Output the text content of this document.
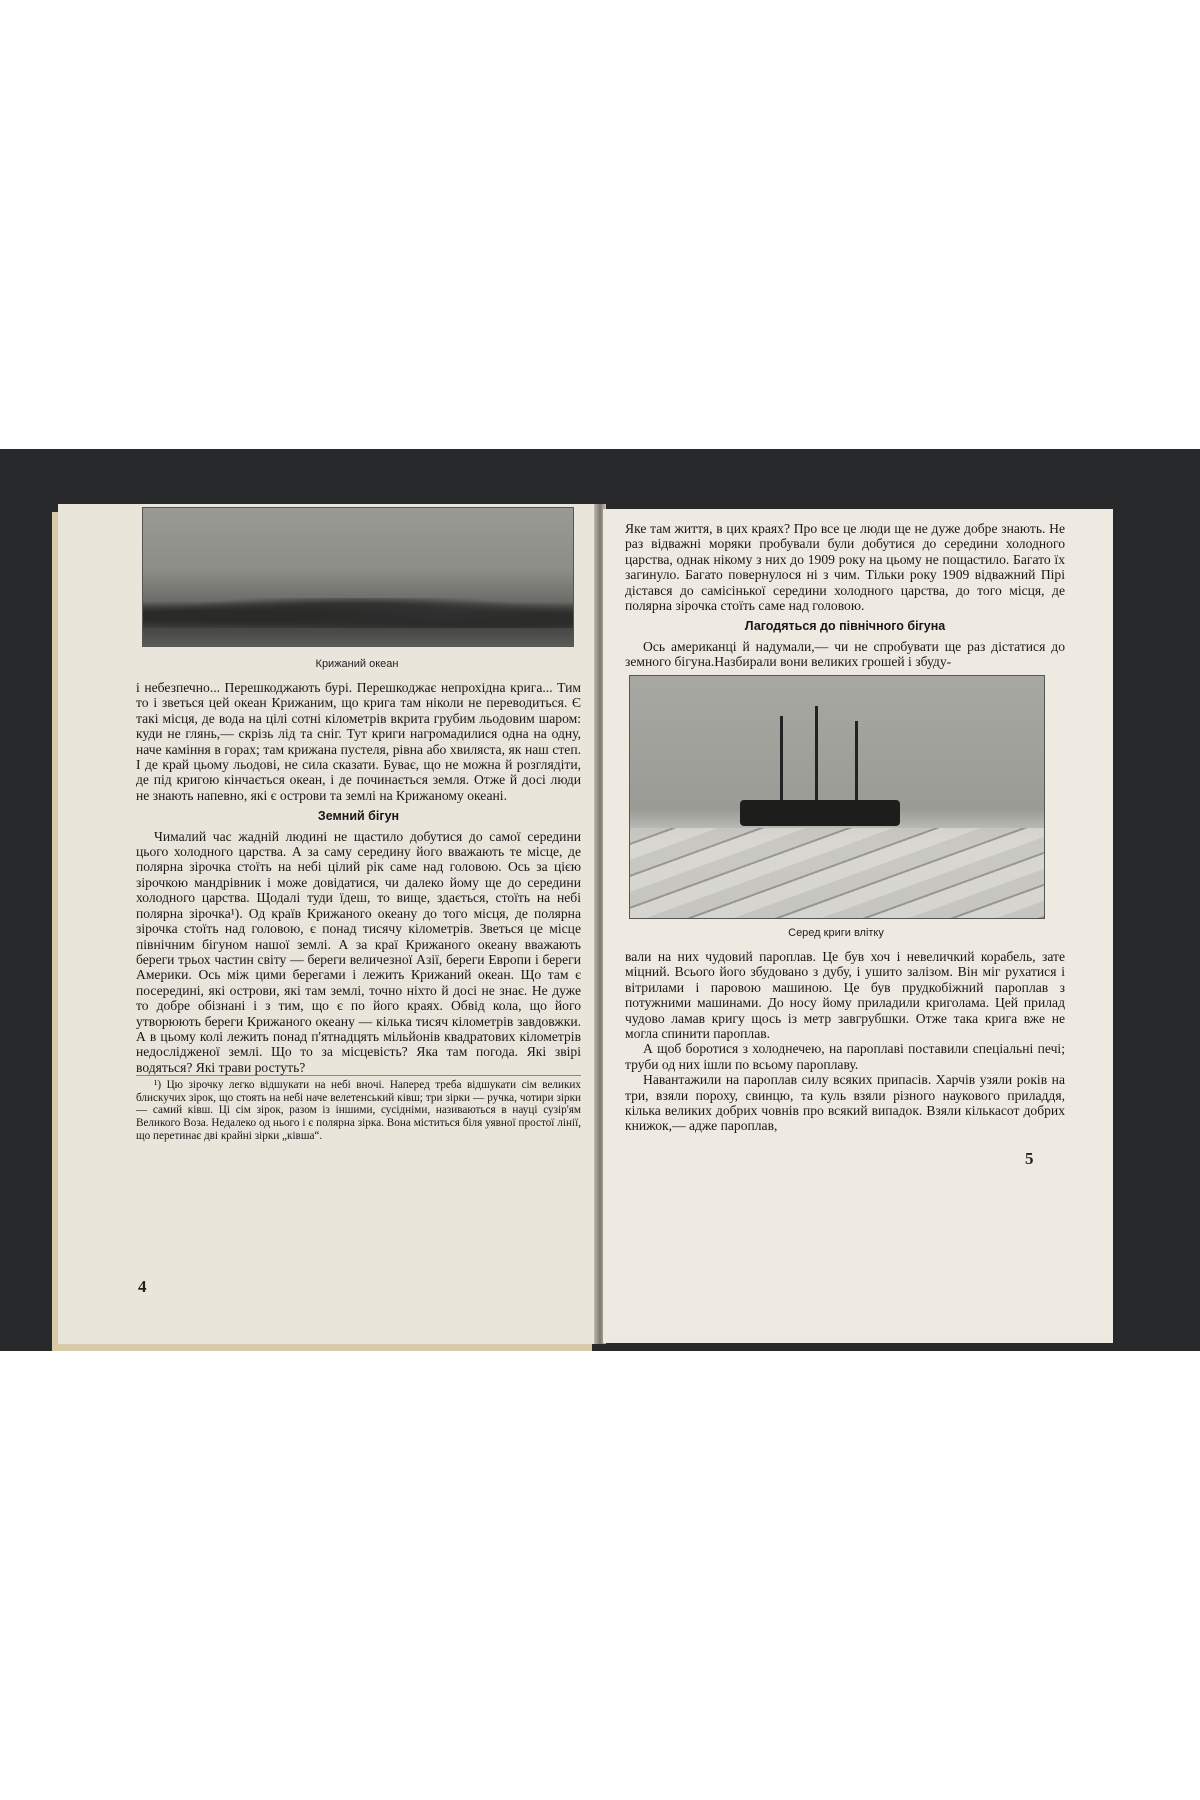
Крижаний океан

і небезпечно... Перешкоджають бурі. Перешкоджає непрохідна крига... Тим то і зветься цей океан Крижаним, що крига там ніколи не переводиться. Є такі місця, де вода на цілі сотні кілометрів вкрита грубим льодовим шаром: куди не глянь,— скрізь лід та сніг. Тут криги нагромадилися одна на одну, наче каміння в горах; там крижана пустеля, рівна або хвиляста, як наш степ. І де край цьому льодові, не сила сказати. Буває, що не можна й розглядіти, де під кригою кінчається океан, і де починається земля. Отже й досі люди не знають напевно, які є острови та землі на Крижаному океані.

Земний бігун

Чималий час жадній людині не щастило добутися до самої середини цього холодного царства. А за саму середину його вважають те місце, де полярна зірочка стоїть на небі цілий рік саме над головою. Ось за цією зірочкою мандрівник і може довідатися, чи далеко йому ще до середини холодного царства. Щодалі туди їдеш, то вище, здається, стоїть на небі полярна зірочка¹). Од країв Крижаного океану до того місця, де полярна зірочка стоїть над головою, є понад тисячу кілометрів. Зветься це місце північним бігуном нашої землі. А за краї Крижаного океану вважають береги трьох частин світу — береги величезної Азії, береги Европи і береги Америки. Ось між цими берегами і лежить Крижаний океан. Що там є посередині, які острови, які там землі, точно ніхто й досі не знає. Не дуже то добре обізнані і з тим, що є по його краях. Обвід кола, що його утворюють береги Крижаного океану — кілька тисяч кілометрів завдовжки. А в цьому колі лежить понад п'ятнадцять мільйонів квадратових кілометрів недослідженої землі. Що то за місцевість? Яка там погода. Які звірі водяться? Які трави ростуть?

¹) Цю зірочку легко відшукати на небі вночі. Наперед треба відшукати сім великих блискучих зірок, що стоять на небі наче велетенський ківш; три зірки — ручка, чотири зірки — самий ківш. Ці сім зірок, разом із іншими, сусідніми, називаються в науці сузір'ям Великого Воза. Недалеко од нього і є полярна зірка. Вона міститься біля уявної простої лінії, що перетинає дві крайні зірки „ківша“.

4

Яке там життя, в цих краях? Про все це люди ще не дуже добре знають. Не раз відважні моряки пробували були добутися до середини холодного царства, однак нікому з них до 1909 року на цьому не пощастило. Багато їх загинуло. Багато повернулося ні з чим. Тільки року 1909 відважний Пірі дістався до самісінької середини холодного царства, до того місця, де полярна зірочка стоїть саме над головою.

Лагодяться до північного бігуна

Ось американці й надумали,— чи не спробувати ще раз дістатися до земного бігуна.Назбирали вони великих грошей і збуду-

Серед криги влітку

вали на них чудовий пароплав. Це був хоч і невеличкий корабель, зате міцний. Всього його збудовано з дубу, і ушито залізом. Він міг рухатися і вітрилами і паровою машиною. Це був прудкобіжний пароплав з потужними машинами. До носу йому приладили криголама. Цей прилад чудово ламав кригу щось із метр завгрубшки. Отже така крига вже не могла спинити пароплав.

А щоб боротися з холоднечею, на пароплаві поставили спеціальні печі; труби од них ішли по всьому пароплаву.

Навантажили на пароплав силу всяких припасів. Харчів узяли років на три, взяли пороху, свинцю, та куль взяли різного наукового приладдя, кілька великих добрих човнів про всякий випадок. Взяли кількасот добрих книжок,— адже пароплав,

5
